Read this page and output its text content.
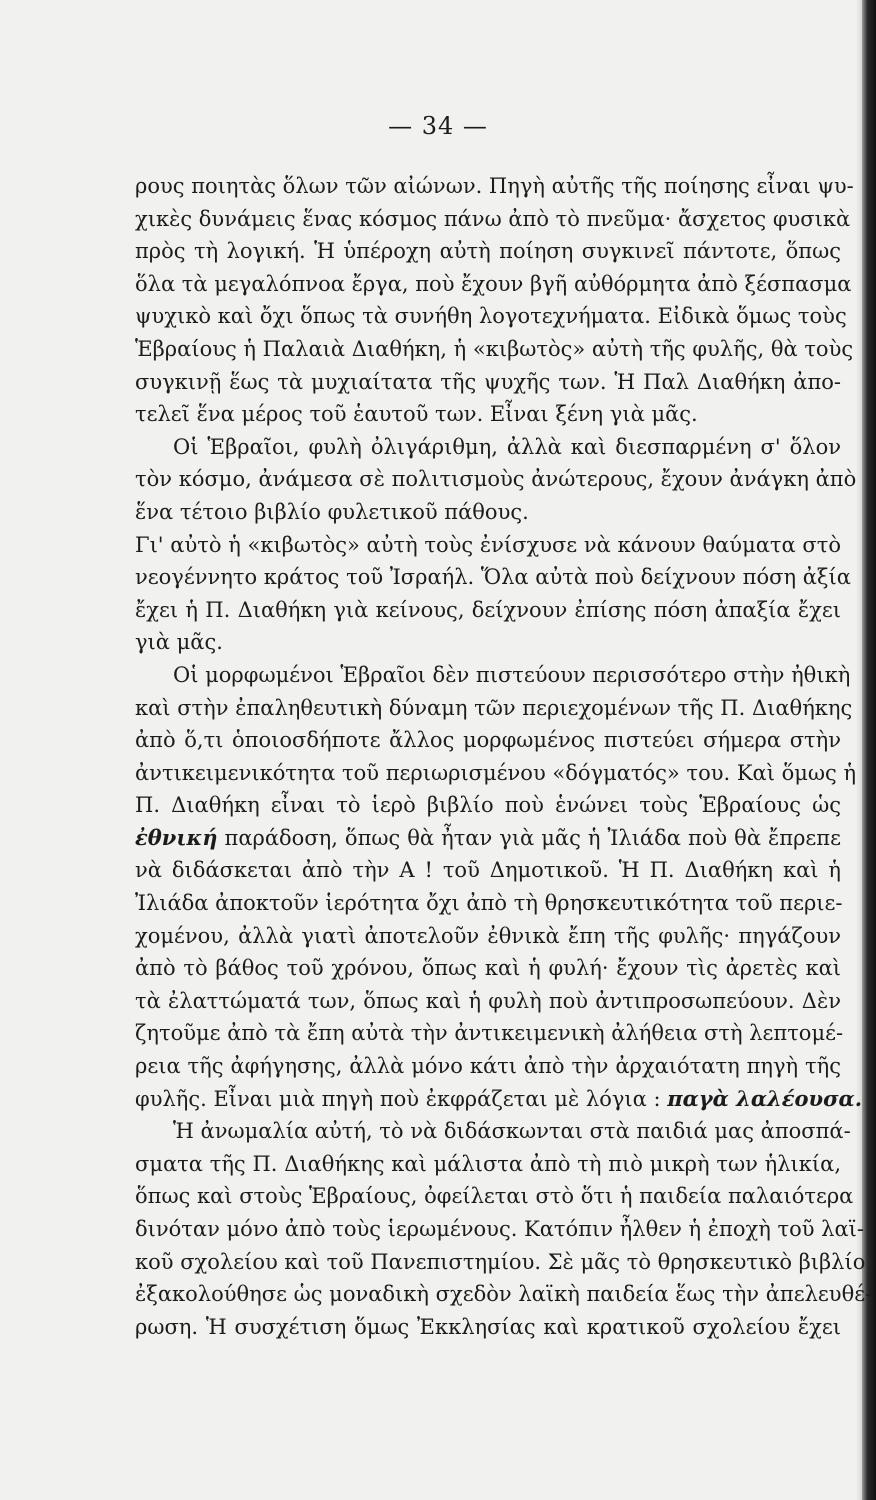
— 34 —
ρους ποιητὰς ὅλων τῶν αἰώνων. Πηγὴ αὐτῆς τῆς ποίησης εἶναι ψυ-
χικὲς δυνάμεις ἕνας κόσμος πάνω ἀπὸ τὸ πνεῦμα· ἄσχετος φυσικὰ
πρὸς τὴ λογική. Ἡ ὑπέροχη αὐτὴ ποίηση συγκινεῖ πάντοτε, ὅπως
ὅλα τὰ μεγαλόπνοα ἔργα, ποὺ ἔχουν βγῆ αὐθόρμητα ἀπὸ ξέσπασμα
ψυχικὸ καὶ ὄχι ὅπως τὰ συνήθη λογοτεχνήματα. Εἰδικὰ ὅμως τοὺς
Ἑβραίους ἡ Παλαιὰ Διαθήκη, ἡ «κιβωτὸς» αὐτὴ τῆς φυλῆς, θὰ τοὺς
συγκινῇ ἕως τὰ μυχιαίτατα τῆς ψυχῆς των. Ἡ Παλ Διαθήκη ἀπο-
τελεῖ ἕνα μέρος τοῦ ἑαυτοῦ των. Εἶναι ξένη γιὰ μᾶς.
Οἱ Ἑβραῖοι, φυλὴ ὀλιγάριθμη, ἀλλὰ καὶ διεσπαρμένη σ' ὅλον
τὸν κόσμο, ἀνάμεσα σὲ πολιτισμοὺς ἀνώτερους, ἔχουν ἀνάγκη ἀπὸ
ἕνα τέτοιο βιβλίο φυλετικοῦ πάθους.
Γι' αὐτὸ ἡ «κιβωτὸς» αὐτὴ τοὺς ἐνίσχυσε νὰ κάνουν θαύματα στὸ
νεογέννητο κράτος τοῦ Ἰσραήλ. Ὅλα αὐτὰ ποὺ δείχνουν πόση ἀξία
ἔχει ἡ Π. Διαθήκη γιὰ κείνους, δείχνουν ἐπίσης πόση ἀπαξία ἔχει
γιὰ μᾶς.
Οἱ μορφωμένοι Ἑβραῖοι δὲν πιστεύουν περισσότερο στὴν ἠθικὴ
καὶ στὴν ἐπαληθευτικὴ δύναμη τῶν περιεχομένων τῆς Π. Διαθήκης
ἀπὸ ὅ,τι ὁποιοσδήποτε ἄλλος μορφωμένος πιστεύει σήμερα στὴν
ἀντικειμενικότητα τοῦ περιωρισμένου «δόγματός» του. Καὶ ὅμως ἡ
Π. Διαθήκη εἶναι τὸ ἱερὸ βιβλίο ποὺ ἑνώνει τοὺς Ἑβραίους ὡς
ἐθνική παράδοση, ὅπως θὰ ἦταν γιὰ μᾶς ἡ Ἰλιάδα ποὺ θὰ ἔπρεπε
νὰ διδάσκεται ἀπὸ τὴν Α ! τοῦ Δημοτικοῦ. Ἡ Π. Διαθήκη καὶ ἡ
Ἰλιάδα ἀποκτοῦν ἱερότητα ὄχι ἀπὸ τὴ θρησκευτικότητα τοῦ περιε-
χομένου, ἀλλὰ γιατὶ ἀποτελοῦν ἐθνικὰ ἔπη τῆς φυλῆς· πηγάζουν
ἀπὸ τὸ βάθος τοῦ χρόνου, ὅπως καὶ ἡ φυλή· ἔχουν τὶς ἀρετὲς καὶ
τὰ ἐλαττώματά των, ὅπως καὶ ἡ φυλὴ ποὺ ἀντιπροσωπεύουν. Δὲν
ζητοῦμε ἀπὸ τὰ ἔπη αὐτὰ τὴν ἀντικειμενικὴ ἀλήθεια στὴ λεπτομέ-
ρεια τῆς ἀφήγησης, ἀλλὰ μόνο κάτι ἀπὸ τὴν ἀρχαιότατη πηγὴ τῆς
φυλῆς. Εἶναι μιὰ πηγὴ ποὺ ἐκφράζεται μὲ λόγια : παγὰ λαλέουσα.
Ἡ ἀνωμαλία αὐτή, τὸ νὰ διδάσκωνται στὰ παιδιά μας ἀποσπά-
σματα τῆς Π. Διαθήκης καὶ μάλιστα ἀπὸ τὴ πιὸ μικρὴ των ἡλικία,
ὅπως καὶ στοὺς Ἑβραίους, ὀφείλεται στὸ ὅτι ἡ παιδεία παλαιότερα
δινόταν μόνο ἀπὸ τοὺς ἱερωμένους. Κατόπιν ἦλθεν ἡ ἐποχὴ τοῦ λαϊ-
κοῦ σχολείου καὶ τοῦ Πανεπιστημίου. Σὲ μᾶς τὸ θρησκευτικὸ βιβλίο
ἐξακολούθησε ὡς μοναδικὴ σχεδὸν λαϊκὴ παιδεία ἕως τὴν ἀπελευθέ-
ρωση. Ἡ συσχέτιση ὅμως Ἐκκλησίας καὶ κρατικοῦ σχολείου ἔχει
